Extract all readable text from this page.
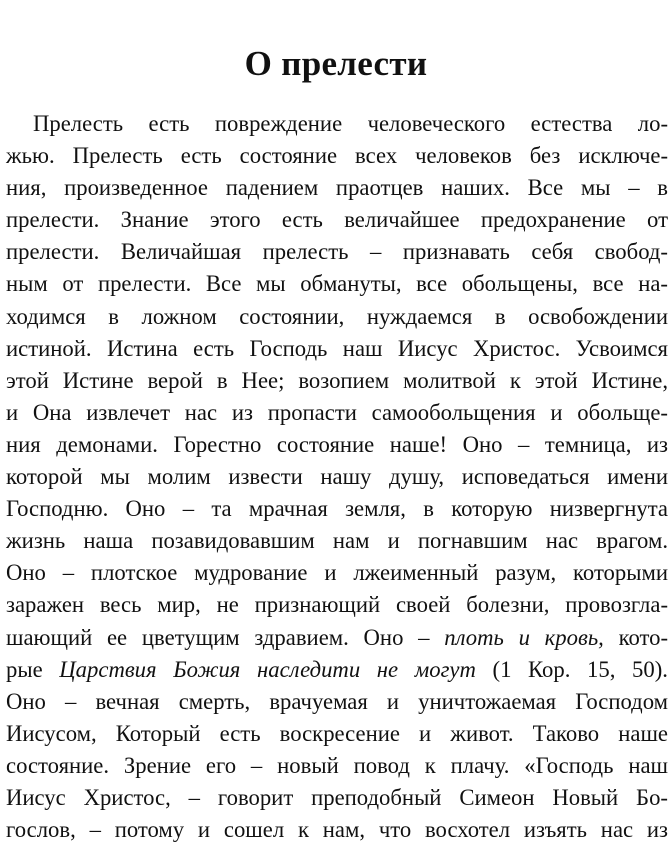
О прелести
Прелесть есть повреждение человеческого естества ло-
жью. Прелесть есть состояние всех человеков без исключе-
ния, произведенное падением праотцев наших. Все мы – в
прелести. Знание этого есть величайшее предохранение от
прелести. Величайшая прелесть – признавать себя свобод-
ным от прелести. Все мы обмануты, все обольщены, все на-
ходимся в ложном состоянии, нуждаемся в освобождении
истиной. Истина есть Господь наш Иисус Христос. Усвоимся
этой Истине верой в Нее; возопием молитвой к этой Истине,
и Она извлечет нас из пропасти самообольщения и обольще-
ния демонами. Горестно состояние наше! Оно – темница, из
которой мы молим извести нашу душу, исповедаться имени
Господню. Оно – та мрачная земля, в которую низвергнута
жизнь наша позавидовавшим нам и погнавшим нас врагом.
Оно – плотское мудрование и лжеименный разум, которыми
заражен весь мир, не признающий своей болезни, провозгла-
шающий ее цветущим здравием. Оно – плоть и кровь, кото-
рые Царствия Божия наследити не могут (1 Кор. 15, 50).
Оно – вечная смерть, врачуемая и уничтожаемая Господом
Иисусом, Который есть воскресение и живот. Таково наше
состояние. Зрение его – новый повод к плачу. «Господь наш
Иисус Христос, – говорит преподобный Симеон Новый Бо-
гослов, – потому и сошел к нам, что восхотел изъять нас из
